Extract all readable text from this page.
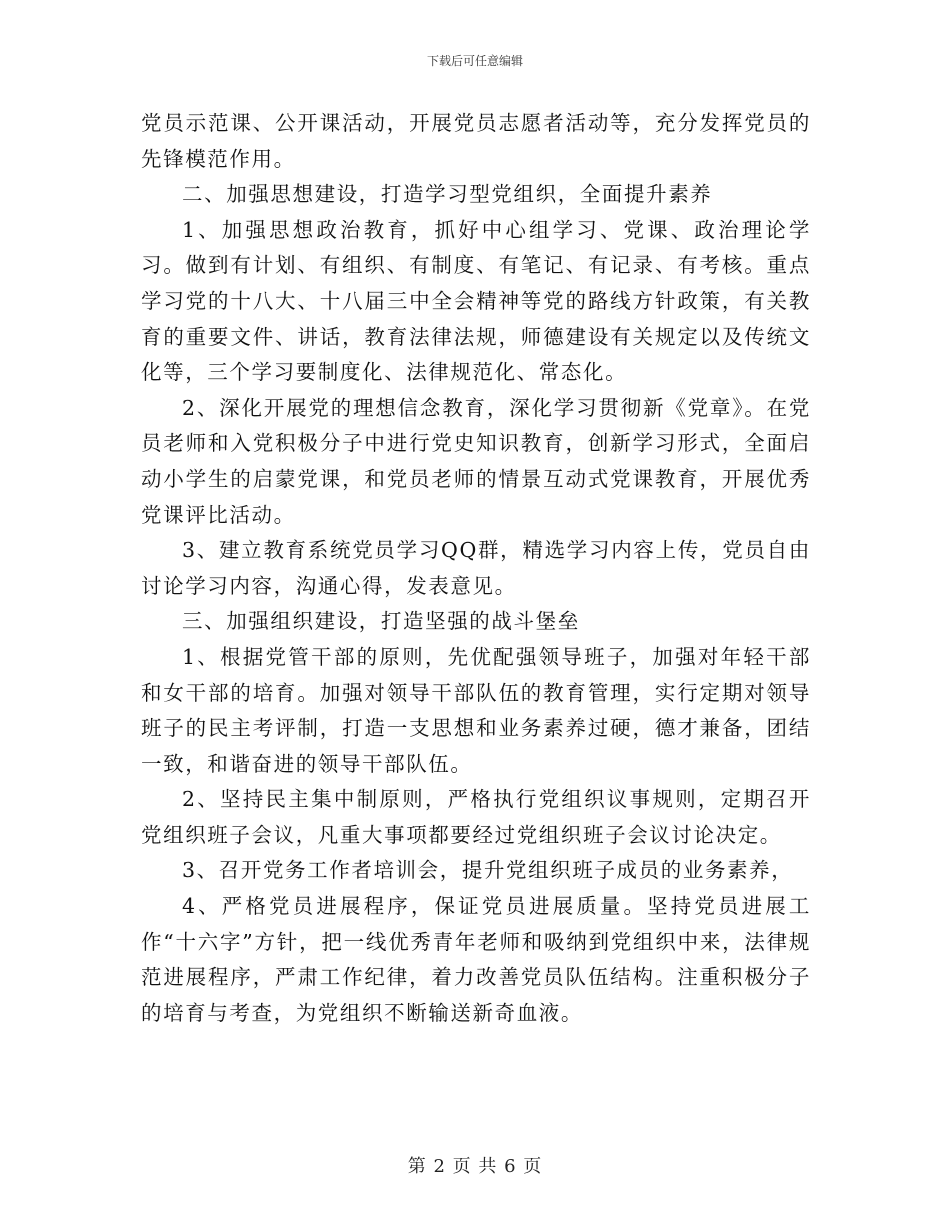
下载后可任意编辑

党员示范课、公开课活动，开展党员志愿者活动等，充分发挥党员的先锋模范作用。

二、加强思想建设，打造学习型党组织，全面提升素养

1、加强思想政治教育，抓好中心组学习、党课、政治理论学习。做到有计划、有组织、有制度、有笔记、有记录、有考核。重点学习党的十八大、十八届三中全会精神等党的路线方针政策，有关教育的重要文件、讲话，教育法律法规，师德建设有关规定以及传统文化等，三个学习要制度化、法律规范化、常态化。

2、深化开展党的理想信念教育，深化学习贯彻新《党章》。在党员老师和入党积极分子中进行党史知识教育，创新学习形式，全面启动小学生的启蒙党课，和党员老师的情景互动式党课教育，开展优秀党课评比活动。

3、建立教育系统党员学习QQ群，精选学习内容上传，党员自由讨论学习内容，沟通心得，发表意见。

三、加强组织建设，打造坚强的战斗堡垒

1、根据党管干部的原则，先优配强领导班子，加强对年轻干部和女干部的培育。加强对领导干部队伍的教育管理，实行定期对领导班子的民主考评制，打造一支思想和业务素养过硬，德才兼备，团结一致，和谐奋进的领导干部队伍。

2、坚持民主集中制原则，严格执行党组织议事规则，定期召开党组织班子会议，凡重大事项都要经过党组织班子会议讨论决定。

3、召开党务工作者培训会，提升党组织班子成员的业务素养，

4、严格党员进展程序，保证党员进展质量。坚持党员进展工作“十六字”方针，把一线优秀青年老师和吸纳到党组织中来，法律规范进展程序，严肃工作纪律，着力改善党员队伍结构。注重积极分子的培育与考查，为党组织不断输送新奇血液。

第 2 页 共 6 页
